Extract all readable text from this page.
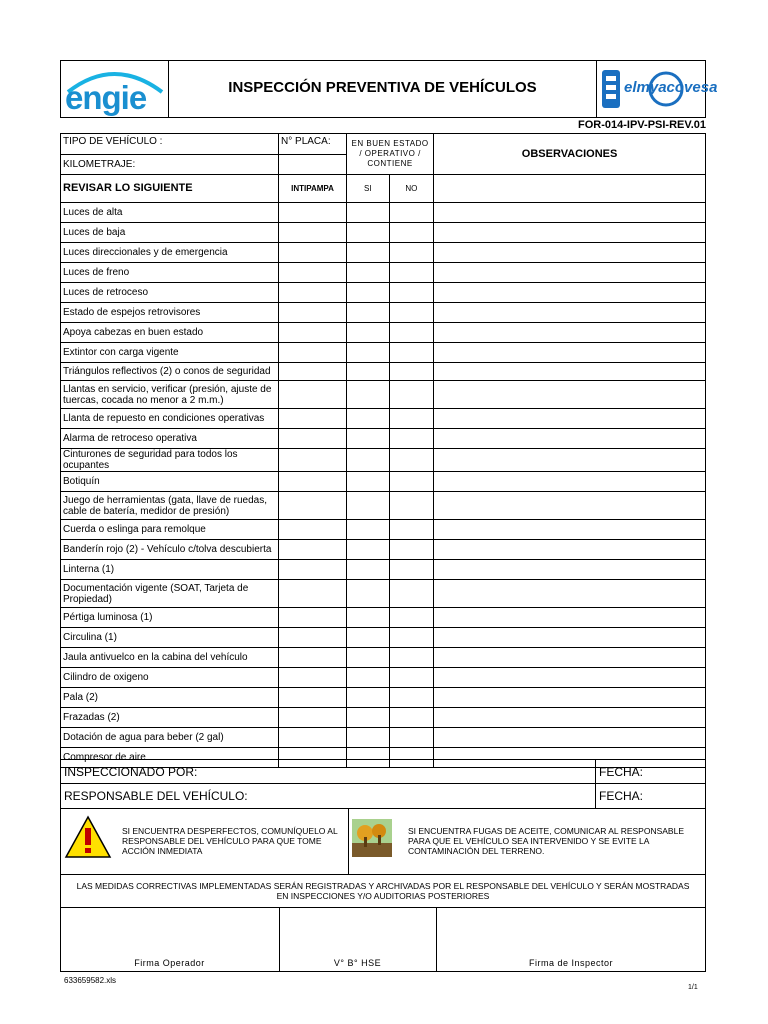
engie	INSPECCIÓN PREVENTIVA DE VEHÍCULOS	elmyacovesa
FOR-014-IPV-PSI-REV.01
TIPO DE VEHÍCULO :	N° PLACA:	EN BUEN ESTADO / OPERATIVO / CONTIENE		OBSERVACIONES
KILOMETRAJE:				
REVISAR LO SIGUIENTE	INTIPAMPA	SI	NO	
Luces de alta				
Luces de baja				
Luces direccionales y de emergencia				
Luces de freno				
Luces de retroceso				
Estado de espejos retrovisores				
Apoya cabezas en buen estado				
Extintor con carga vigente				
Triángulos reflectivos (2) o conos de seguridad				
Llantas en servicio, verificar (presión, ajuste de tuercas, cocada no menor a 2 m.m.)				
Llanta de repuesto en condiciones operativas				
Alarma de retroceso operativa				
Cinturones de seguridad para todos los ocupantes				
Botiquín				
Juego de herramientas (gata, llave de ruedas, cable de batería, medidor de presión)				
Cuerda o eslinga para remolque				
Banderín rojo (2) - Vehículo c/tolva descubierta				
Linterna (1)				
Documentación vigente (SOAT, Tarjeta de Propiedad)				
Pértiga luminosa (1)				
Circulina (1)				
Jaula antivuelco en la cabina del vehículo				
Cilindro de oxigeno				
Pala (2)				
Frazadas (2)				
Dotación de agua para beber (2 gal)				
Compresor de aire				
INSPECCIONADO POR:	FECHA:
RESPONSABLE DEL VEHÍCULO:	FECHA:
SI ENCUENTRA DESPERFECTOS, COMUNÍQUELO AL RESPONSABLE DEL VEHÍCULO PARA QUE TOME ACCIÓN INMEDIATA
SI ENCUENTRA FUGAS DE ACEITE, COMUNICAR AL RESPONSABLE PARA QUE EL VEHÍCULO SEA INTERVENIDO Y SE EVITE LA CONTAMINACIÓN DEL TERRENO.
LAS MEDIDAS CORRECTIVAS IMPLEMENTADAS SERÁN REGISTRADAS Y ARCHIVADAS POR EL RESPONSABLE DEL VEHÍCULO Y SERÁN MOSTRADAS EN INSPECCIONES Y/O AUDITORIAS POSTERIORES
Firma Operador	V° B° HSE	Firma de Inspector
633659582.xls
1/1
